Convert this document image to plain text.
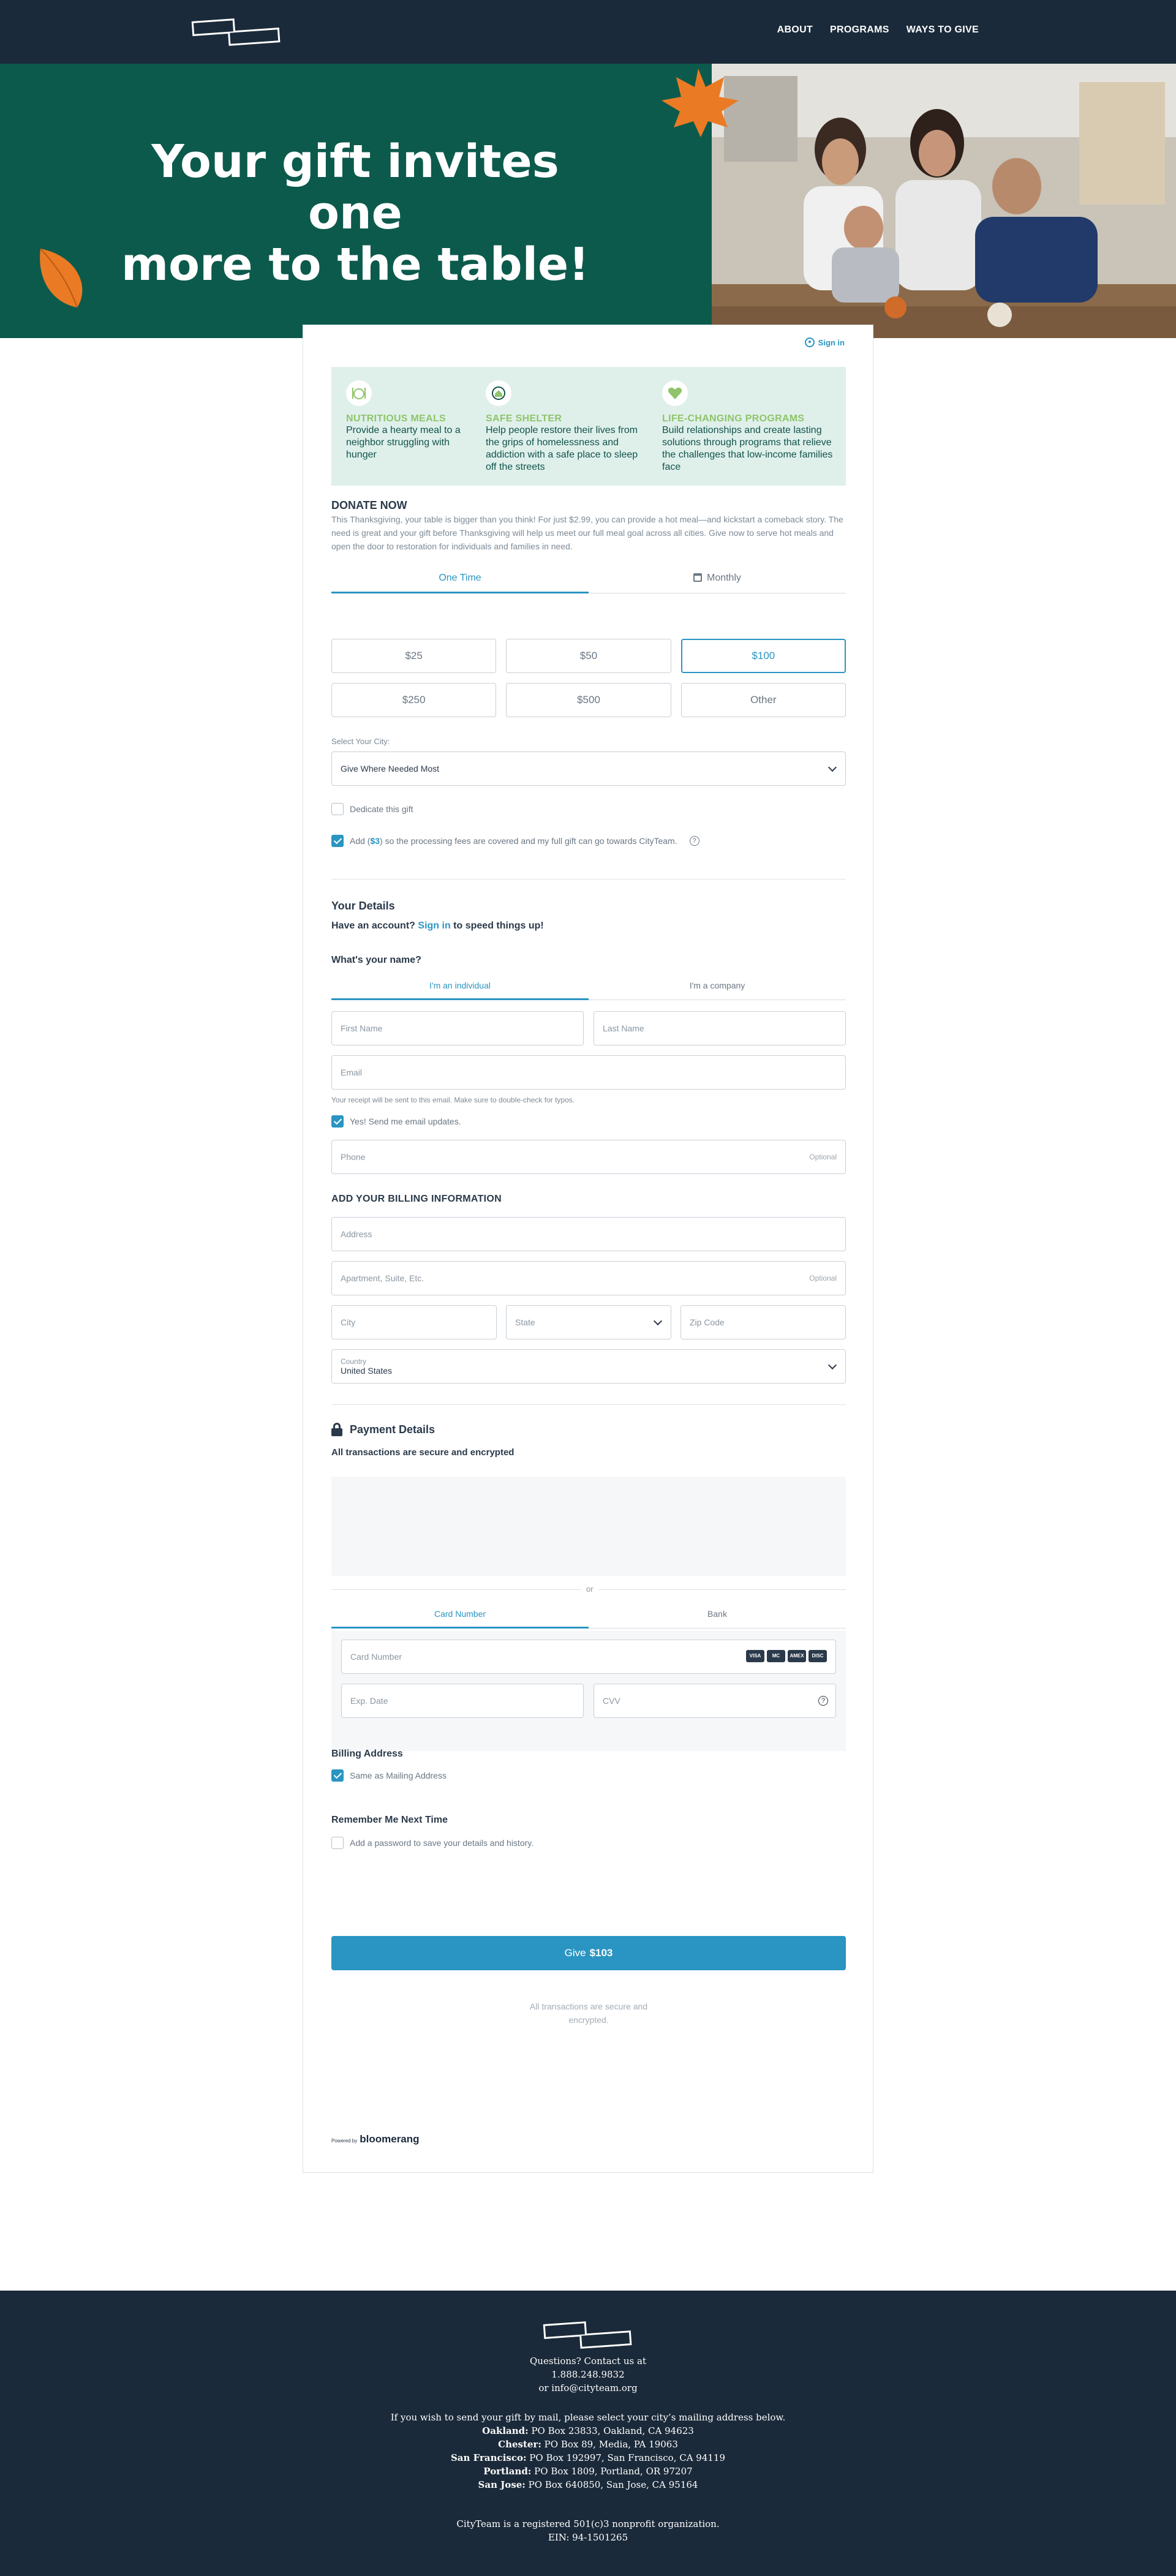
ABOUT PROGRAMS WAYS TO GIVE
Your gift invites one
more to the table!
Sign in
NUTRITIOUS MEALS
Provide a hearty meal to a neighbor struggling with hunger
SAFE SHELTER
Help people restore their lives from the grips of homelessness and addiction with a safe place to sleep off the streets
LIFE-CHANGING PROGRAMS
Build relationships and create lasting solutions through programs that relieve the challenges that low-income families face
DONATE NOW
This Thanksgiving, your table is bigger than you think! For just $2.99, you can provide a hot meal—and kickstart a comeback story. The need is great and your gift before Thanksgiving will help us meet our full meal goal across all cities. Give now to serve hot meals and open the door to restoration for individuals and families in need.
One Time	Monthly
$25	$50	$100
$250	$500	Other
Select Your City:
Give Where Needed Most
Dedicate this gift
Add ($3) so the processing fees are covered and my full gift can go towards CityTeam.	?
Your Details
Have an account? Sign in to speed things up!
What's your name?
I'm an individual	I'm a company
First Name	Last Name
Email
Your receipt will be sent to this email. Make sure to double-check for typos.
Yes! Send me email updates.
Phone	Optional
ADD YOUR BILLING INFORMATION
Address
Apartment, Suite, Etc.	Optional
City	State	Zip Code
Country
United States
Payment Details
All transactions are secure and encrypted
or
Card Number	Bank
Card Number	VISA	MC	AMEX	DISC
Exp. Date	CVV	?
Billing Address
Same as Mailing Address
Remember Me Next Time
Add a password to save your details and history.
Give $103
All transactions are secure and
encrypted.
Powered by bloomerang
Questions? Contact us at
1.888.248.9832
or info@cityteam.org
If you wish to send your gift by mail, please select your city’s mailing address below.
Oakland: PO Box 23833, Oakland, CA 94623
Chester: PO Box 89, Media, PA 19063
San Francisco: PO Box 192997, San Francisco, CA 94119
Portland: PO Box 1809, Portland, OR 97207
San Jose: PO Box 640850, San Jose, CA 95164
CityTeam is a registered 501(c)3 nonprofit organization.
EIN: 94-1501265
